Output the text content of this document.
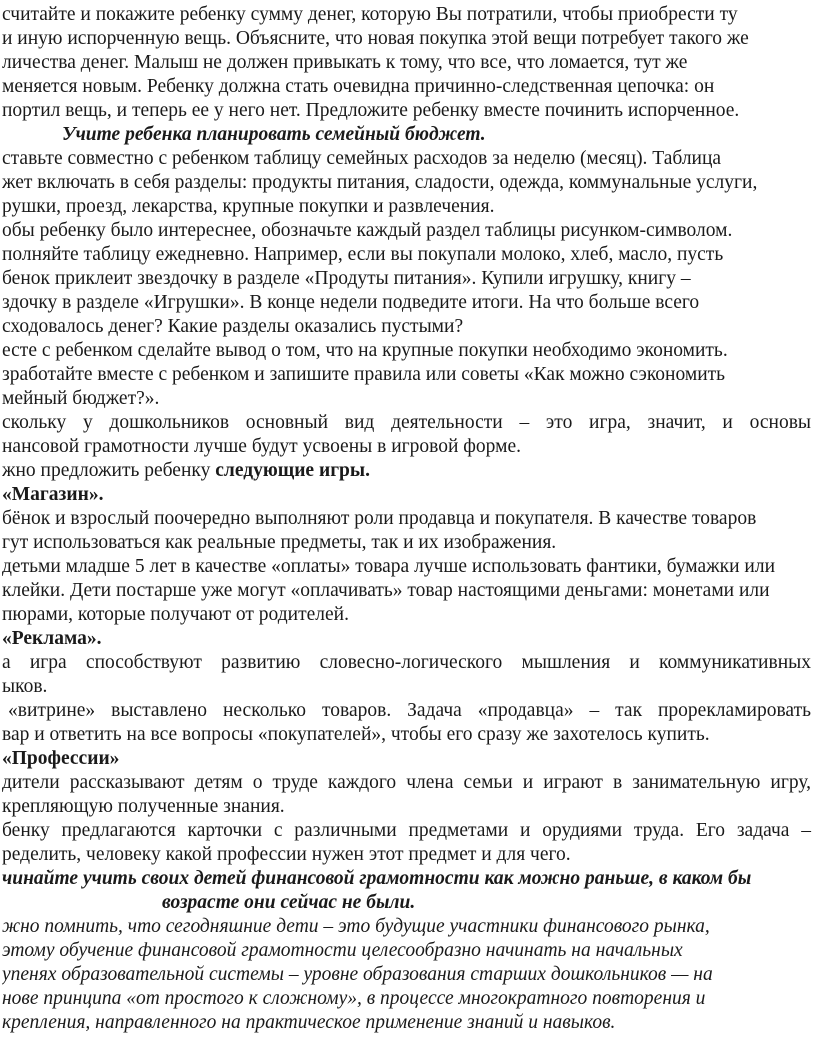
считайте и покажите ребенку сумму денег, которую Вы потратили, чтобы приобрести ту
и иную испорченную вещь. Объясните, что новая покупка этой вещи потребует такого же
личества денег. Малыш не должен привыкать к тому, что все, что ломается, тут же
меняется новым. Ребенку должна стать очевидна причинно-следственная цепочка: он
портил вещь, и теперь ее у него нет. Предложите ребенку вместе починить испорченное.
Учите ребенка планировать семейный бюджет.
ставьте совместно с ребенком таблицу семейных расходов за неделю (месяц). Таблица
жет включать в себя разделы: продукты питания, сладости, одежда, коммунальные услуги,
рушки, проезд, лекарства, крупные покупки и развлечения.
обы ребенку было интереснее, обозначьте каждый раздел таблицы рисунком-символом.
полняйте таблицу ежедневно. Например, если вы покупали молоко, хлеб, масло, пусть
бенок приклеит звездочку в разделе «Продуты питания». Купили игрушку, книгу –
здочку в разделе «Игрушки». В конце недели подведите итоги. На что больше всего
сходовалось денег? Какие разделы оказались пустыми?
есте с ребенком сделайте вывод о том, что на крупные покупки необходимо экономить.
зработайте вместе с ребенком и запишите правила или советы «Как можно сэкономить
мейный бюджет?».
скольку у дошкольников основный вид деятельности – это игра, значит, и основы
нансовой грамотности лучше будут усвоены в игровой форме.
жно предложить ребенку следующие игры.
«Магазин».
бёнок и взрослый поочередно выполняют роли продавца и покупателя. В качестве товаров
гут использоваться как реальные предметы, так и их изображения.
детьми младше 5 лет в качестве «оплаты» товара лучше использовать фантики, бумажки или
клейки. Дети постарше уже могут «оплачивать» товар настоящими деньгами: монетами или
пюрами, которые получают от родителей.
«Реклама».
а игра способствуют развитию словесно-логического мышления и коммуникативных
ыков.
«витрине» выставлено несколько товаров. Задача «продавца» – так прорекламировать
вар и ответить на все вопросы «покупателей», чтобы его сразу же захотелось купить.
«Профессии»
дители рассказывают детям о труде каждого члена семьи и играют в занимательную игру,
крепляющую полученные знания.
бенку предлагаются карточки с различными предметами и орудиями труда. Его задача –
ределить, человеку какой профессии нужен этот предмет и для чего.
чинайте учить своих детей финансовой грамотности как можно раньше, в каком бы
возрасте они сейчас не были.
жно помнить, что сегодняшние дети – это будущие участники финансового рынка,
этому обучение финансовой грамотности целесообразно начинать на начальных
упенях образовательной системы – уровне образования старших дошкольников — на
нове принципа «от простого к сложному», в процессе многократного повторения и
крепления, направленного на практическое применение знаний и навыков.
